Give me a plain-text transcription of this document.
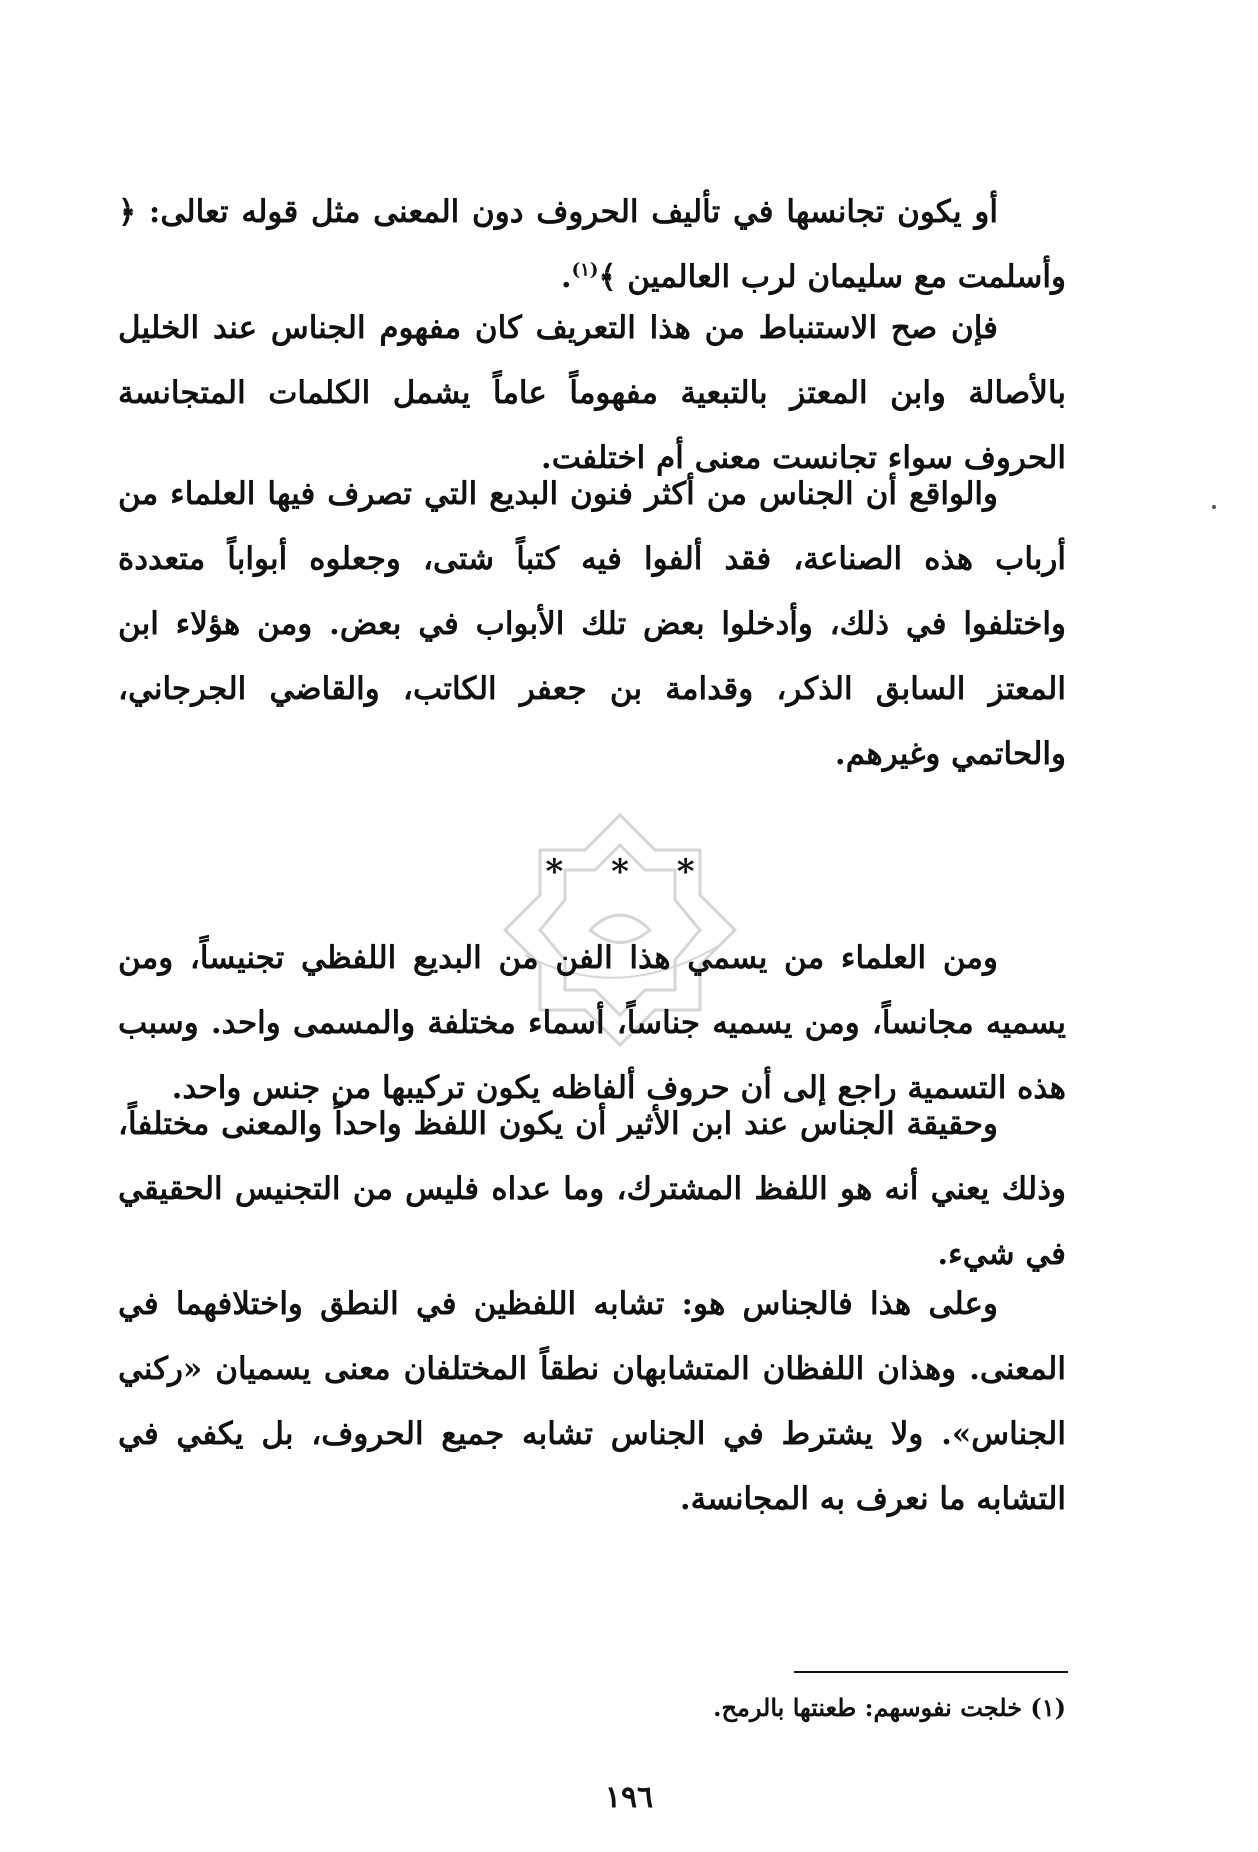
أو يكون تجانسها في تأليف الحروف دون المعنى مثل قوله تعالى: ﴿ وأسلمت مع سليمان لرب العالمين ﴾$^{(١)}$.

فإن صح الاستنباط من هذا التعريف كان مفهوم الجناس عند الخليل بالأصالة وابن المعتز بالتبعية مفهوماً عاماً يشمل الكلمات المتجانسة الحروف سواء تجانست معنى أم اختلفت.

والواقع أن الجناس من أكثر فنون البديع التي تصرف فيها العلماء من أرباب هذه الصناعة، فقد ألفوا فيه كتباً شتى، وجعلوه أبواباً متعددة واختلفوا في ذلك، وأدخلوا بعض تلك الأبواب في بعض. ومن هؤلاء ابن المعتز السابق الذكر، وقدامة بن جعفر الكاتب، والقاضي الجرجاني، والحاتمي وغيرهم.

* * *

ومن العلماء من يسمي هذا الفن من البديع اللفظي تجنيساً، ومن يسميه مجانساً، ومن يسميه جناساً، أسماء مختلفة والمسمى واحد. وسبب هذه التسمية راجع إلى أن حروف ألفاظه يكون تركيبها من جنس واحد.

وحقيقة الجناس عند ابن الأثير أن يكون اللفظ واحداً والمعنى مختلفاً، وذلك يعني أنه هو اللفظ المشترك، وما عداه فليس من التجنيس الحقيقي في شيء.

وعلى هذا فالجناس هو: تشابه اللفظين في النطق واختلافهما في المعنى. وهذان اللفظان المتشابهان نطقاً المختلفان معنى يسميان «ركني الجناس». ولا يشترط في الجناس تشابه جميع الحروف، بل يكفي في التشابه ما نعرف به المجانسة.

(١) خلجت نفوسهم: طعنتها بالرمح.
١٩٦
